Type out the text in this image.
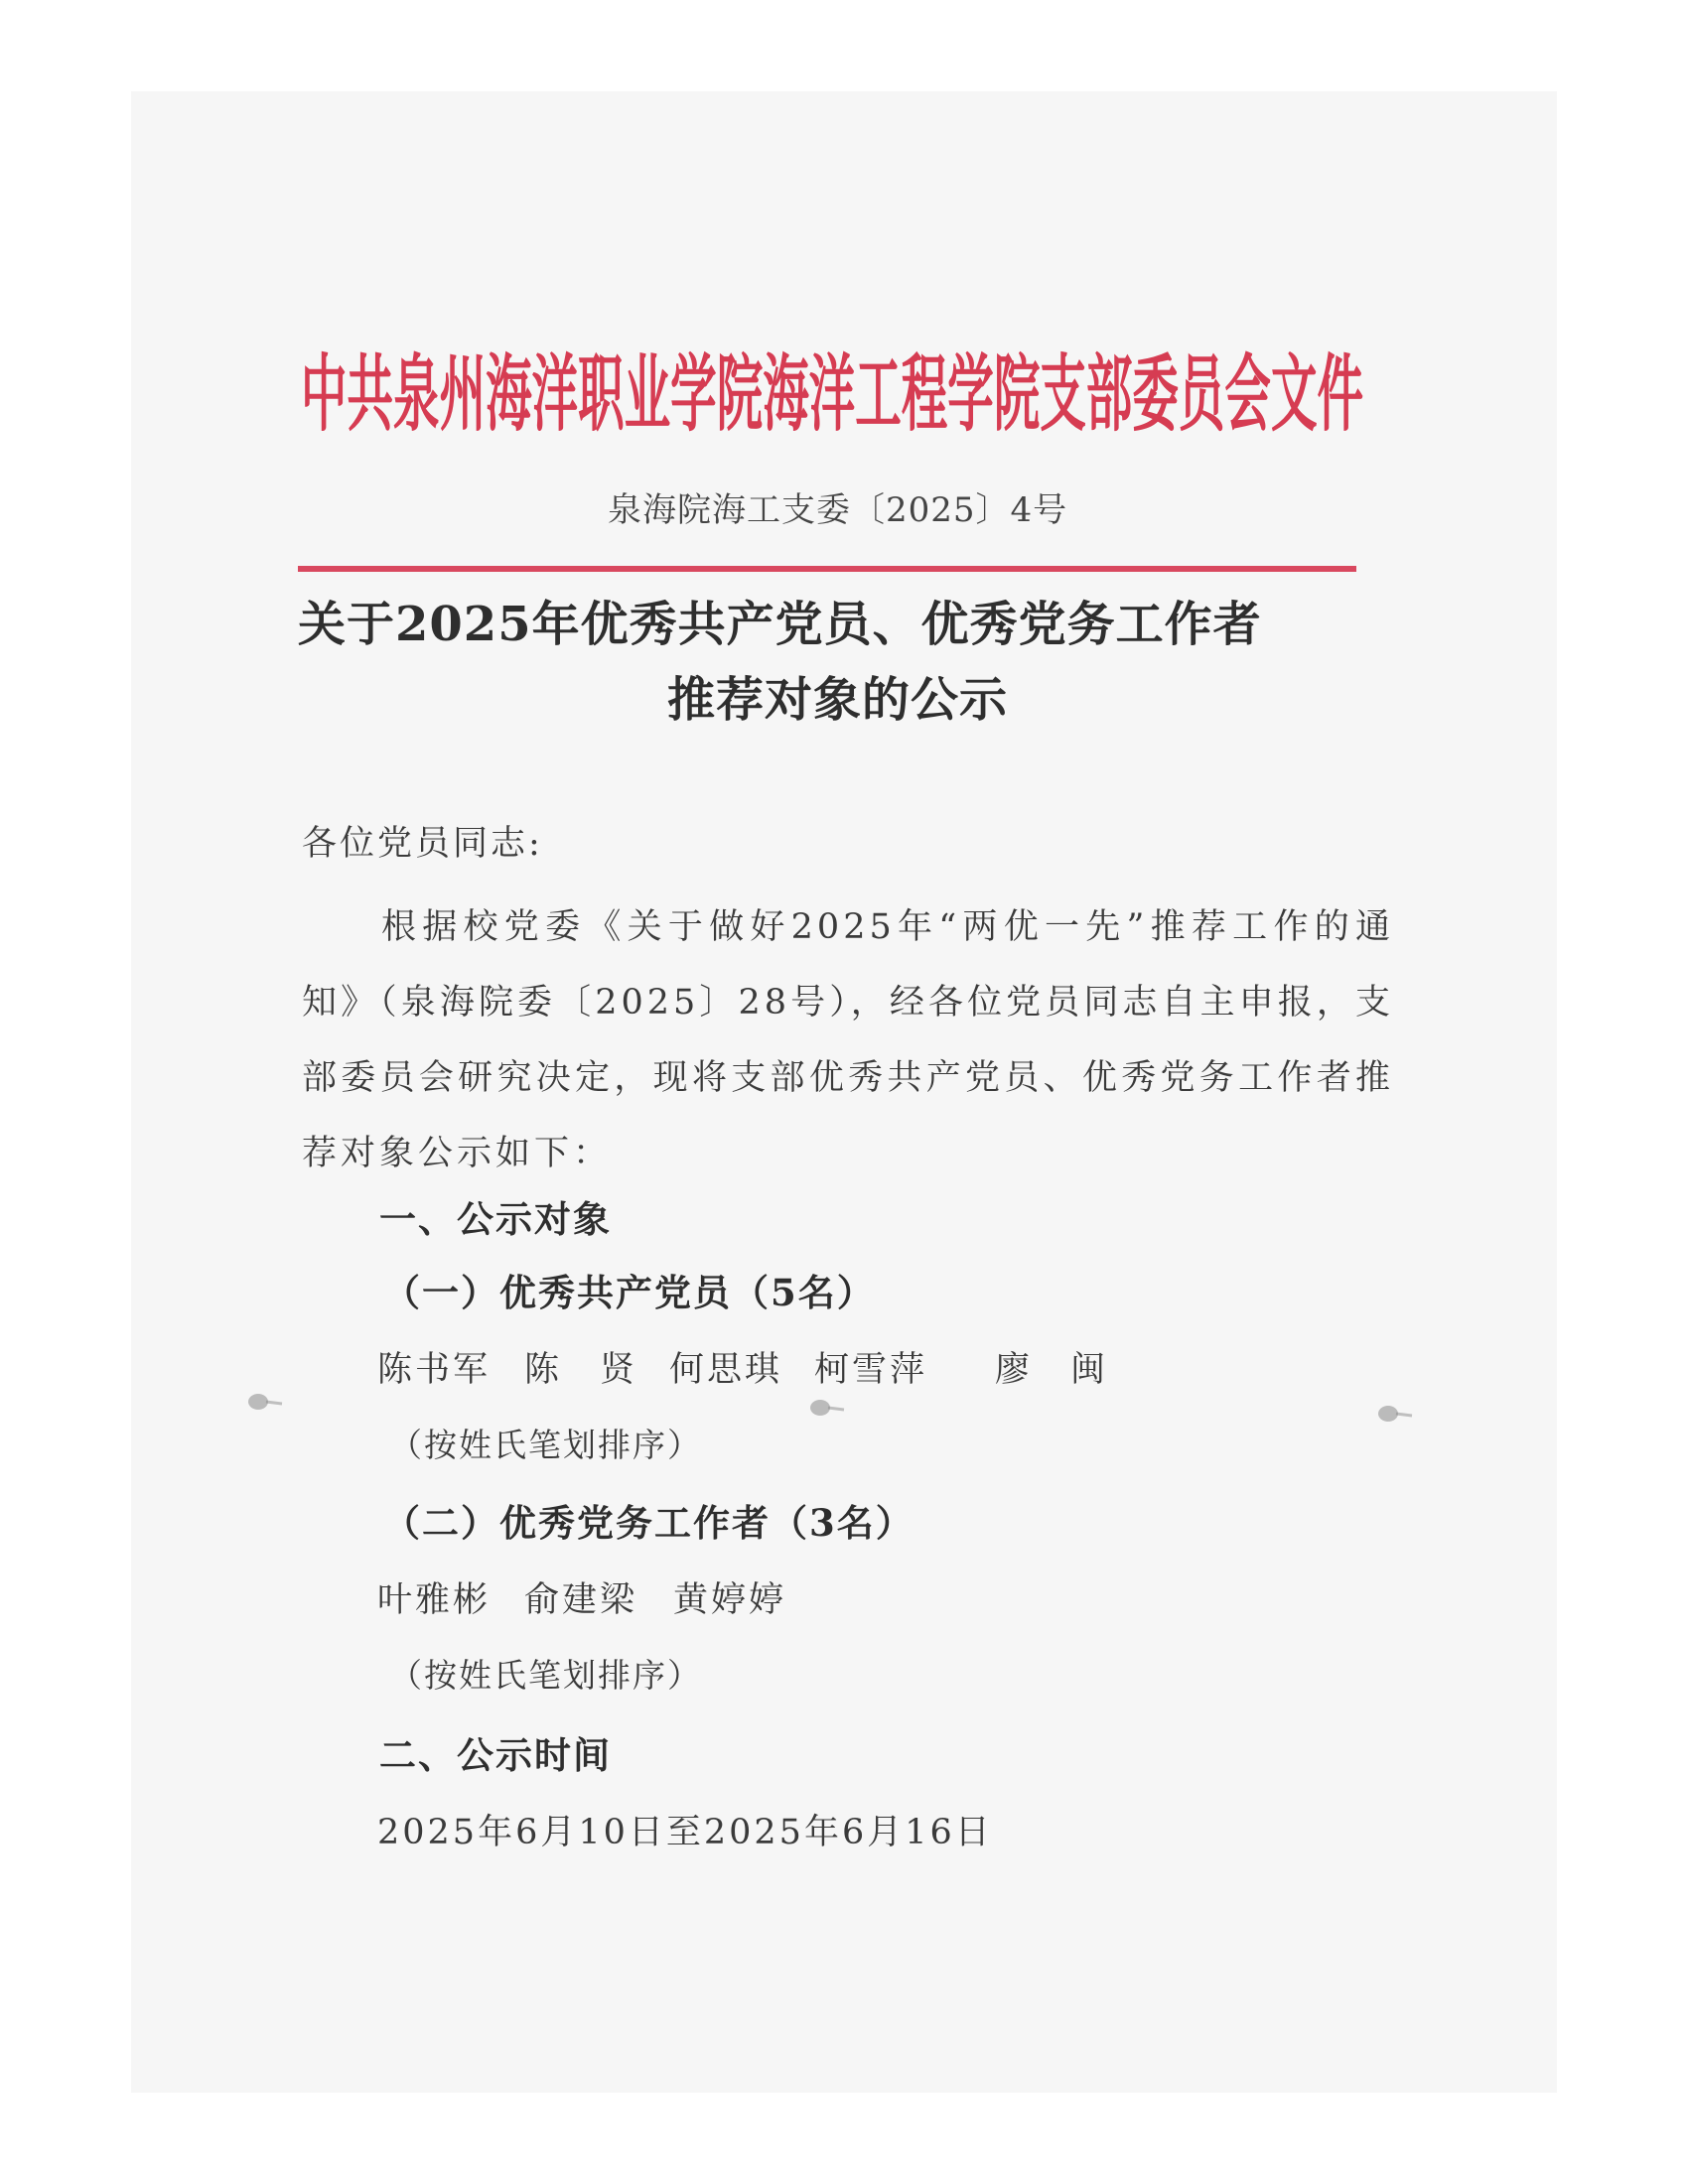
中共泉州海洋职业学院海洋工程学院支部委员会文件
泉海院海工支委〔2025〕4号
关于2025年优秀共产党员、优秀党务工作者
推荐对象的公示
各位党员同志:
根据校党委《关于做好2025年“两优一先”推荐工作的通知》（泉海院委〔2025〕28号），经各位党员同志自主申报，支部委员会研究决定，现将支部优秀共产党员、优秀党务工作者推荐对象公示如下：
一、公示对象
（一）优秀共产党员（5名）
陈书军 陈　贤 何思琪 柯雪萍 廖　闽
（按姓氏笔划排序）
（二）优秀党务工作者（3名）
叶雅彬 俞建梁 黄婷婷
（按姓氏笔划排序）
二、公示时间
2025年6月10日至2025年6月16日
